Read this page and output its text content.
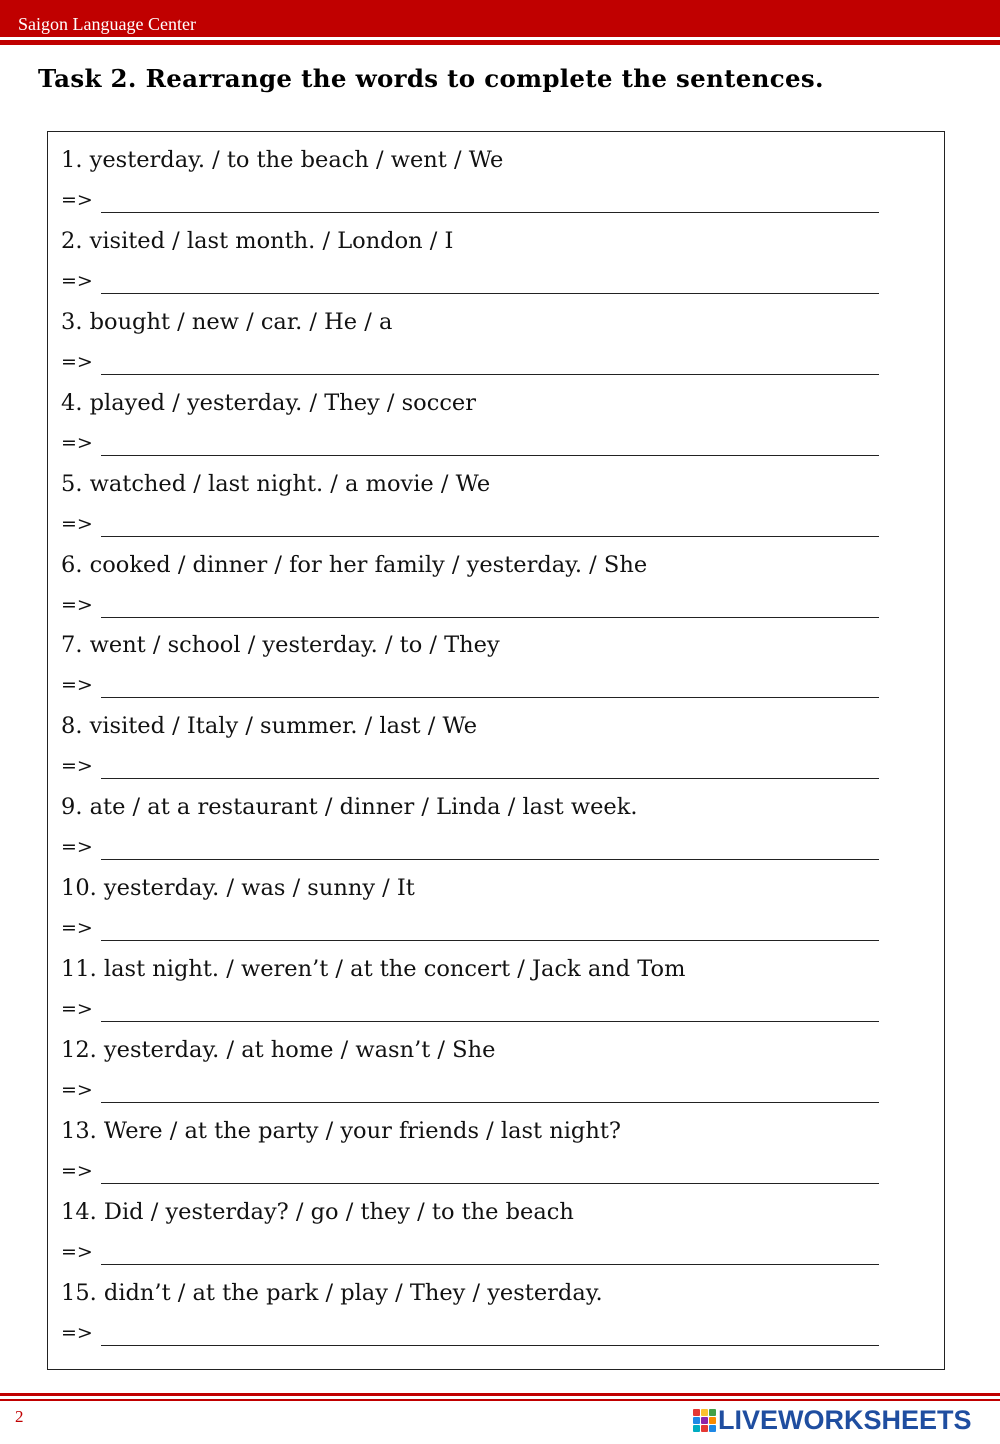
Saigon Language Center
Task 2. Rearrange the words to complete the sentences.
1. yesterday. / to the beach / went / We
=>
2. visited / last month. / London / I
=>
3. bought / new / car. / He / a
=>
4. played / yesterday. / They / soccer
=>
5. watched / last night. / a movie / We
=>
6. cooked / dinner / for her family / yesterday. / She
=>
7. went / school / yesterday. / to / They
=>
8. visited / Italy / summer. / last / We
=>
9. ate / at a restaurant / dinner / Linda / last week.
=>
10. yesterday. / was / sunny / It
=>
11. last night. / weren’t / at the concert / Jack and Tom
=>
12. yesterday. / at home / wasn’t / She
=>
13. Were / at the party / your friends / last night?
=>
14. Did / yesterday? / go / they / to the beach
=>
15. didn’t / at the park / play / They / yesterday.
=>
2	LIVEWORKSHEETS
